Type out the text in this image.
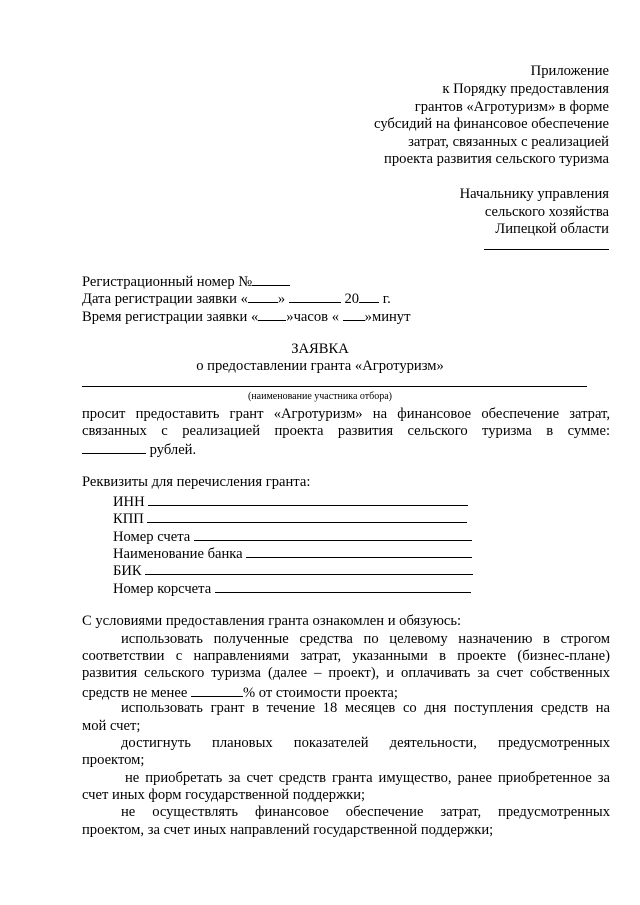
Приложение
к Порядку предоставления
грантов «Агротуризм» в форме
субсидий на финансовое обеспечение
затрат, связанных с реализацией
проекта развития сельского туризма
Начальнику управления
сельского хозяйства
Липецкой области
Регистрационный номер №
Дата регистрации заявки « »	20 г.
Время регистрации заявки « »часов « »минут
ЗАЯВКА
о предоставлении гранта «Агротуризм»
(наименование участника отбора)
просит предоставить грант «Агротуризм» на финансовое обеспечение затрат,
связанных с реализацией проекта развития сельского туризма в сумме:
рублей.
Реквизиты для перечисления гранта:
ИНН
КПП
Номер счета
Наименование банка
БИК
Номер корсчета
С условиями предоставления гранта ознакомлен и обязуюсь:
использовать полученные средства по целевому назначению в строгом
соответствии с направлениями затрат, указанными в проекте (бизнес-плане)
развития сельского туризма (далее – проект), и оплачивать за счет собственных
средств не менее	% от стоимости проекта;
использовать грант в течение 18 месяцев со дня поступления средств на
мой счет;
достигнуть плановых показателей деятельности, предусмотренных
проектом;
не приобретать за счет средств гранта имущество, ранее приобретенное за
счет иных форм государственной поддержки;
не осуществлять финансовое обеспечение затрат, предусмотренных
проектом, за счет иных направлений государственной поддержки;
